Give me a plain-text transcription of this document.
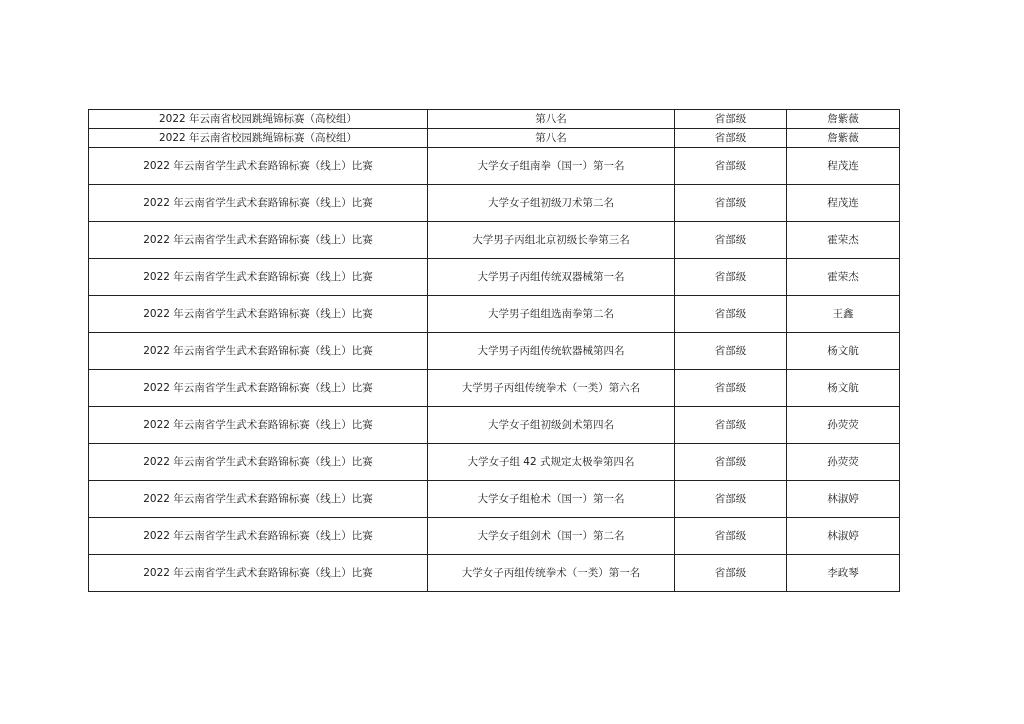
2022 年云南省校园跳绳锦标赛（高校组）	第八名	省部级	詹紫薇
2022 年云南省校园跳绳锦标赛（高校组）	第八名	省部级	詹紫薇
2022 年云南省学生武术套路锦标赛（线上）比赛	大学女子组南拳（国一）第一名	省部级	程茂连
2022 年云南省学生武术套路锦标赛（线上）比赛	大学女子组初级刀术第二名	省部级	程茂连
2022 年云南省学生武术套路锦标赛（线上）比赛	大学男子丙组北京初级长拳第三名	省部级	霍荣杰
2022 年云南省学生武术套路锦标赛（线上）比赛	大学男子丙组传统双器械第一名	省部级	霍荣杰
2022 年云南省学生武术套路锦标赛（线上）比赛	大学男子组组选南拳第二名	省部级	王鑫
2022 年云南省学生武术套路锦标赛（线上）比赛	大学男子丙组传统软器械第四名	省部级	杨文航
2022 年云南省学生武术套路锦标赛（线上）比赛	大学男子丙组传统拳术（一类）第六名	省部级	杨文航
2022 年云南省学生武术套路锦标赛（线上）比赛	大学女子组初级剑术第四名	省部级	孙荧荧
2022 年云南省学生武术套路锦标赛（线上）比赛	大学女子组 42 式规定太极拳第四名	省部级	孙荧荧
2022 年云南省学生武术套路锦标赛（线上）比赛	大学女子组枪术（国一）第一名	省部级	林淑婷
2022 年云南省学生武术套路锦标赛（线上）比赛	大学女子组剑术（国一）第二名	省部级	林淑婷
2022 年云南省学生武术套路锦标赛（线上）比赛	大学女子丙组传统拳术（一类）第一名	省部级	李政琴
